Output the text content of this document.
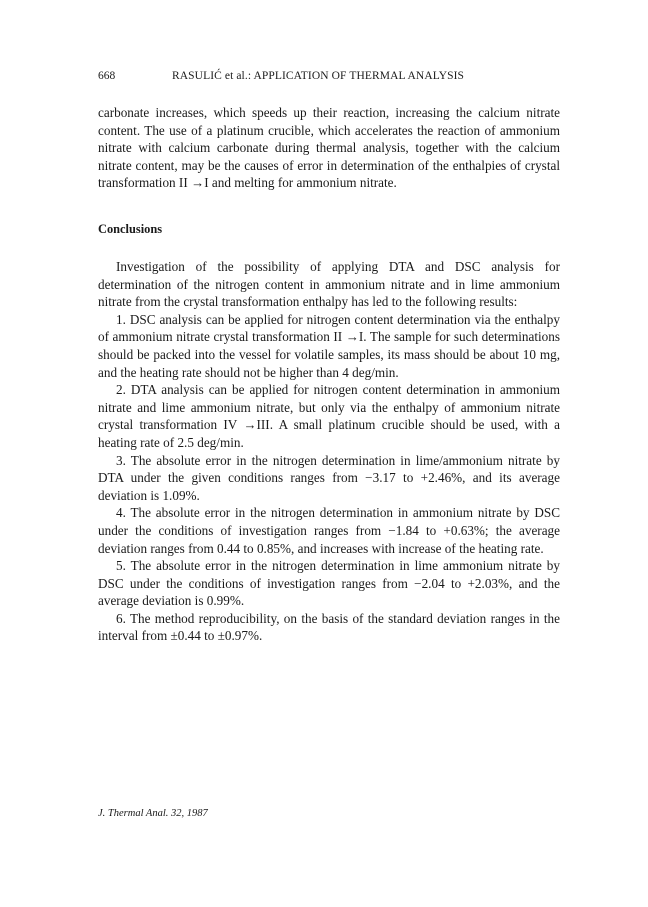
668	RASULIĆ et al.: APPLICATION OF THERMAL ANALYSIS

carbonate increases, which speeds up their reaction, increasing the calcium nitrate content. The use of a platinum crucible, which accelerates the reaction of ammonium nitrate with calcium carbonate during thermal analysis, together with the calcium nitrate content, may be the causes of error in determination of the enthalpies of crystal transformation II →I and melting for ammonium nitrate.

Conclusions

Investigation of the possibility of applying DTA and DSC analysis for determination of the nitrogen content in ammonium nitrate and in lime ammonium nitrate from the crystal transformation enthalpy has led to the following results:

1. DSC analysis can be applied for nitrogen content determination via the enthalpy of ammonium nitrate crystal transformation II →I. The sample for such determinations should be packed into the vessel for volatile samples, its mass should be about 10 mg, and the heating rate should not be higher than 4 deg/min.

2. DTA analysis can be applied for nitrogen content determination in ammonium nitrate and lime ammonium nitrate, but only via the enthalpy of ammonium nitrate crystal transformation IV →III. A small platinum crucible should be used, with a heating rate of 2.5 deg/min.

3. The absolute error in the nitrogen determination in lime/ammonium nitrate by DTA under the given conditions ranges from −3.17 to +2.46%, and its average deviation is 1.09%.

4. The absolute error in the nitrogen determination in ammonium nitrate by DSC under the conditions of investigation ranges from −1.84 to +0.63%; the average deviation ranges from 0.44 to 0.85%, and increases with increase of the heating rate.

5. The absolute error in the nitrogen determination in lime ammonium nitrate by DSC under the conditions of investigation ranges from −2.04 to +2.03%, and the average deviation is 0.99%.

6. The method reproducibility, on the basis of the standard deviation ranges in the interval from ±0.44 to ±0.97%.

J. Thermal Anal. 32, 1987
